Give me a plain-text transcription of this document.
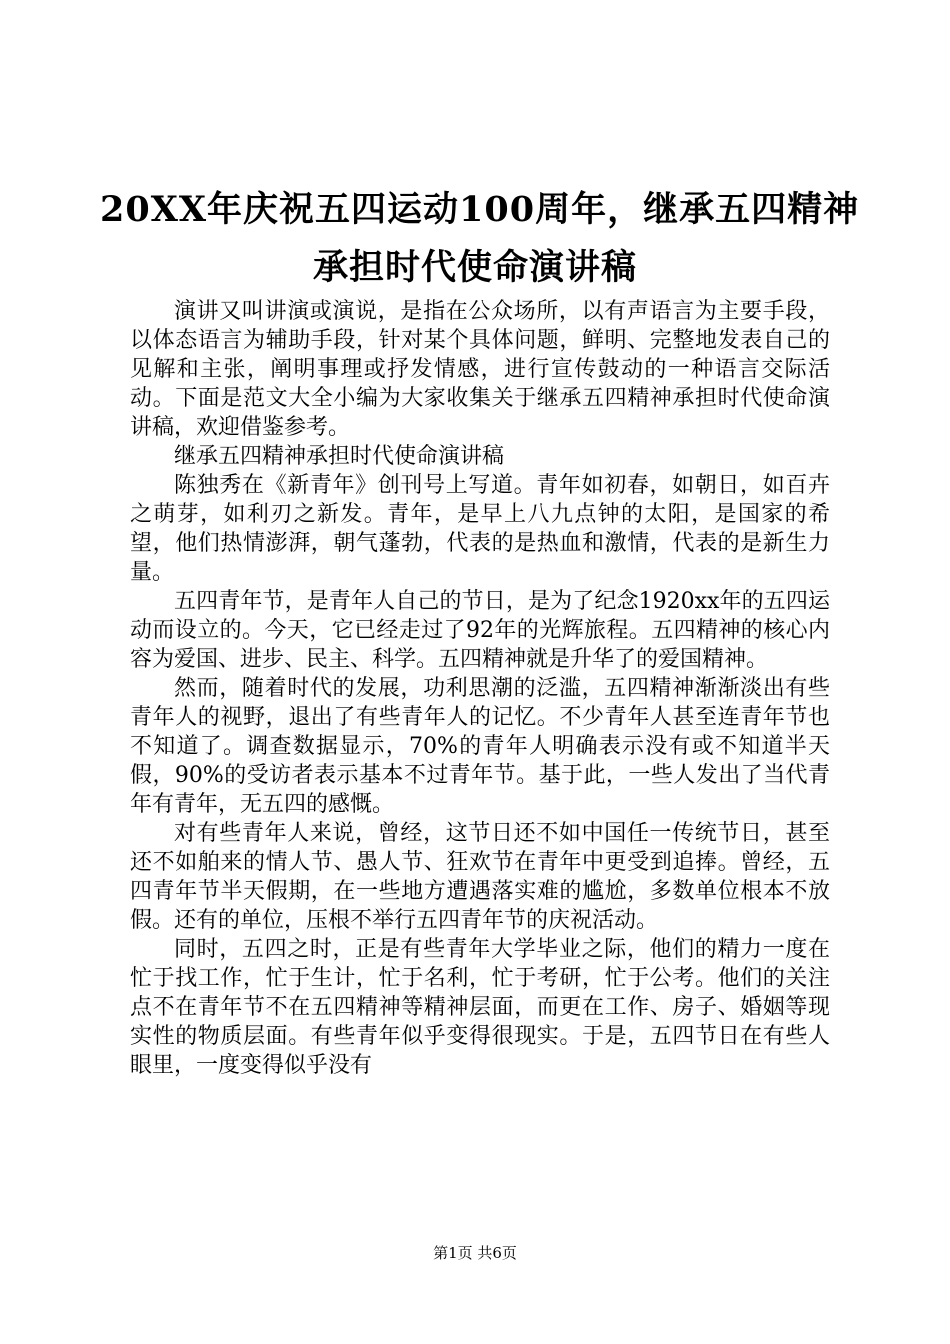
20XX年庆祝五四运动100周年，继承五四精神
承担时代使命演讲稿

演讲又叫讲演或演说，是指在公众场所，以有声语言为主要手段，以体态语言为辅助手段，针对某个具体问题，鲜明、完整地发表自己的见解和主张，阐明事理或抒发情感，进行宣传鼓动的一种语言交际活动。下面是范文大全小编为大家收集关于继承五四精神承担时代使命演讲稿，欢迎借鉴参考。

继承五四精神承担时代使命演讲稿

陈独秀在《新青年》创刊号上写道。青年如初春，如朝日，如百卉之萌芽，如利刃之新发。青年，是早上八九点钟的太阳，是国家的希望，他们热情澎湃，朝气蓬勃，代表的是热血和激情，代表的是新生力量。

五四青年节，是青年人自己的节日，是为了纪念1920xx年的五四运动而设立的。今天，它已经走过了92年的光辉旅程。五四精神的核心内容为爱国、进步、民主、科学。五四精神就是升华了的爱国精神。

然而，随着时代的发展，功利思潮的泛滥，五四精神渐渐淡出有些青年人的视野，退出了有些青年人的记忆。不少青年人甚至连青年节也不知道了。调查数据显示，70%的青年人明确表示没有或不知道半天假，90%的受访者表示基本不过青年节。基于此，一些人发出了当代青年有青年，无五四的感慨。

对有些青年人来说，曾经，这节日还不如中国任一传统节日，甚至还不如舶来的情人节、愚人节、狂欢节在青年中更受到追捧。曾经，五四青年节半天假期，在一些地方遭遇落实难的尴尬，多数单位根本不放假。还有的单位，压根不举行五四青年节的庆祝活动。

同时，五四之时，正是有些青年大学毕业之际，他们的精力一度在忙于找工作，忙于生计，忙于名利，忙于考研，忙于公考。他们的关注点不在青年节不在五四精神等精神层面，而更在工作、房子、婚姻等现实性的物质层面。有些青年似乎变得很现实。于是，五四节日在有些人眼里，一度变得似乎没有

第1页 共6页
